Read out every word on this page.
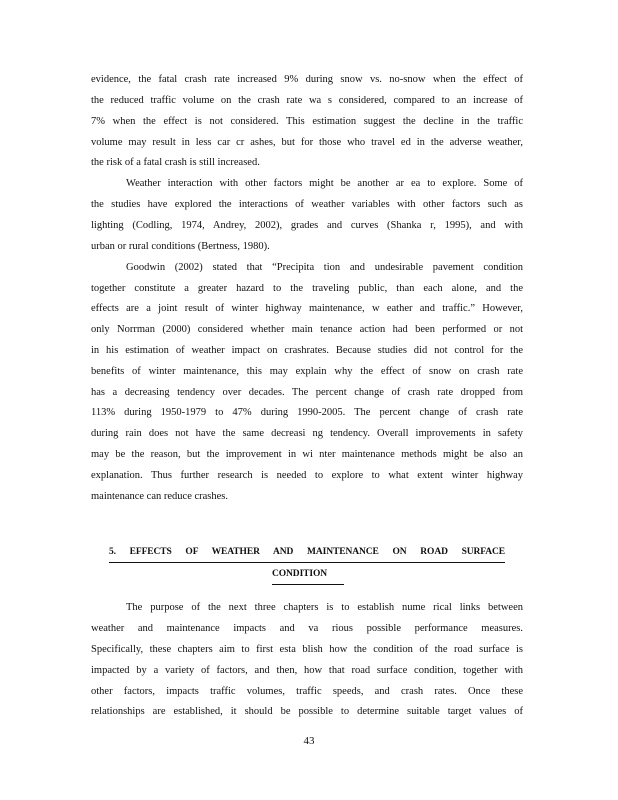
evidence, the fatal crash rate increased 9% during snow vs. no-snow when the effect of
the reduced traffic volume on the crash rate wa s considered, compared to an increase of
7% when the effect is not considered. This estimation suggest the decline in the traffic
volume may result in less car cr ashes, but for those who travel ed in the adverse weather,
the risk of a fatal crash is still increased.
Weather interaction with other factors might be another ar ea to explore. Some of
the studies have explored the interactions of weather variables with other factors such as
lighting (Codling, 1974, Andrey, 2002), grades and curves (Shanka r, 1995), and with
urban or rural conditions (Bertness, 1980).
Goodwin (2002) stated that “Precipita tion and undesirable pavement condition
together constitute a greater hazard to the traveling public, than each alone, and the
effects are a joint result of winter highway maintenance, w eather and traffic.” However,
only Norrman (2000) considered whether main tenance action had been performed or not
in his estimation of weather impact on crashrates. Because studies did not control for the
benefits of winter maintenance, this may explain why the effect of snow on crash rate
has a decreasing tendency over decades. The percent change of crash rate dropped from
113% during 1950-1979 to 47% during 1990-2005. The percent change of crash rate
during rain does not have the same decreasi ng tendency. Overall improvements in safety
may be the reason, but the improvement in wi nter maintenance methods might be also an
explanation. Thus further research is needed to explore to what extent winter highway
maintenance can reduce crashes.
5. EFFECTS OF WEATHER AND MAINTENANCE ON ROAD SURFACE
CONDITION
The purpose of the next three chapters is to establish nume rical links between
weather and maintenance impacts and va rious possible performance measures.
Specifically, these chapters aim to first esta blish how the condition of the road surface is
impacted by a variety of factors, and then, how that road surface condition, together with
other factors, impacts traffic volumes, traffic speeds, and crash rates. Once these
relationships are established, it should be possible to determine suitable target values of
43
